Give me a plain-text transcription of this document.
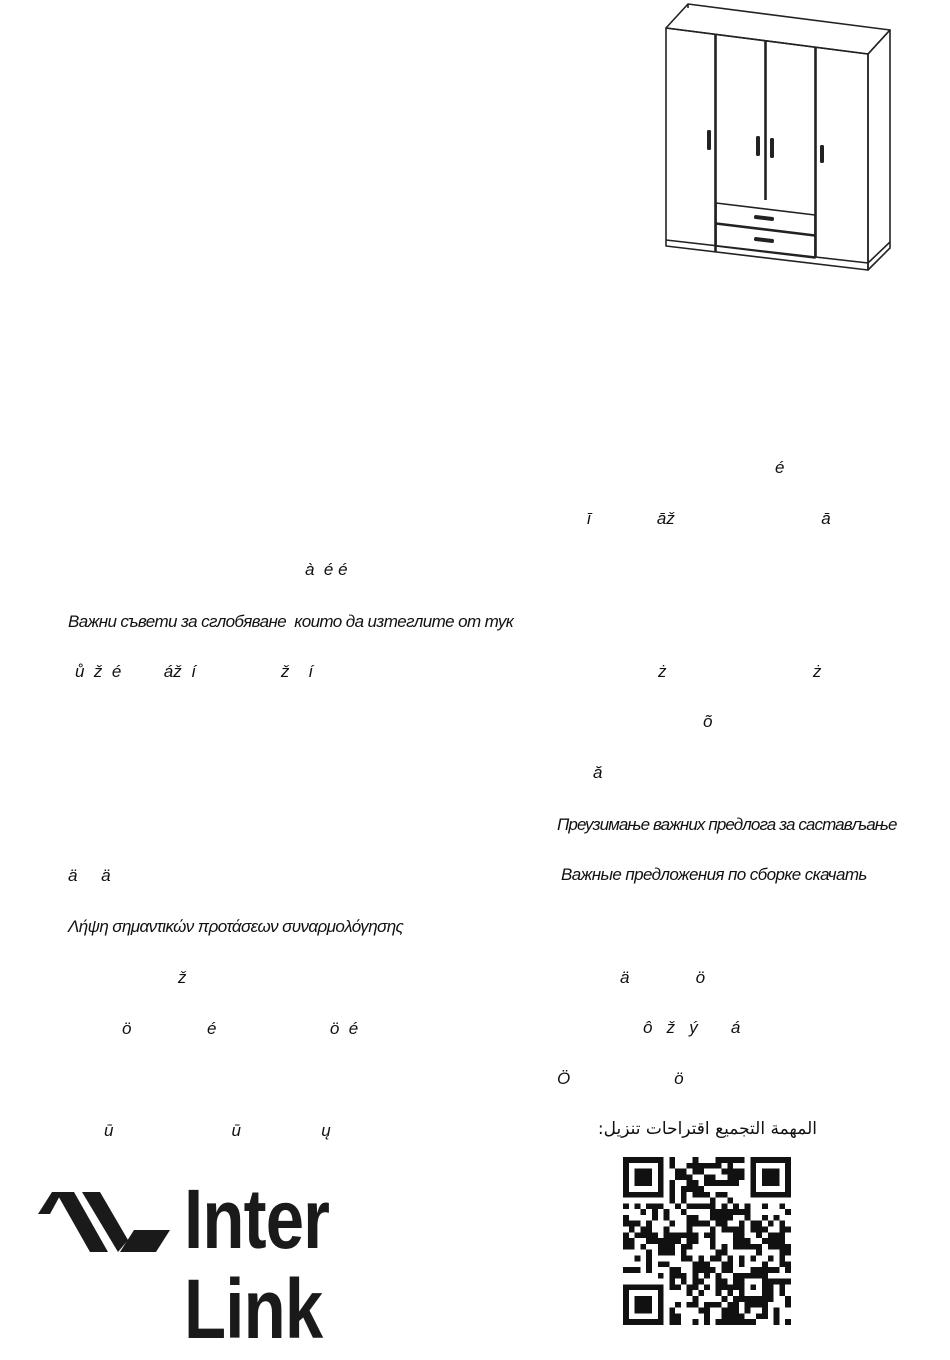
à  é é

Важни съвети за сглобяване  които да изтеглите от тук

ů  ž  é         áž  í                  ž    í

ä     ä

Λήψη σημαντικών προτάσεων συναρμολόγησης

ž

ö                é                        ö  é

ū                         ū                 ų

é

ī              āž                               ā

ż                               ż

õ

ă

Преузимање важних предлога за састављање

Важные предложения по сборке скачать

ä              ö

ô   ž   ý       á

Ö                      ö

المهمة التجميع اقتراحات تنزيل:
Inter Link
